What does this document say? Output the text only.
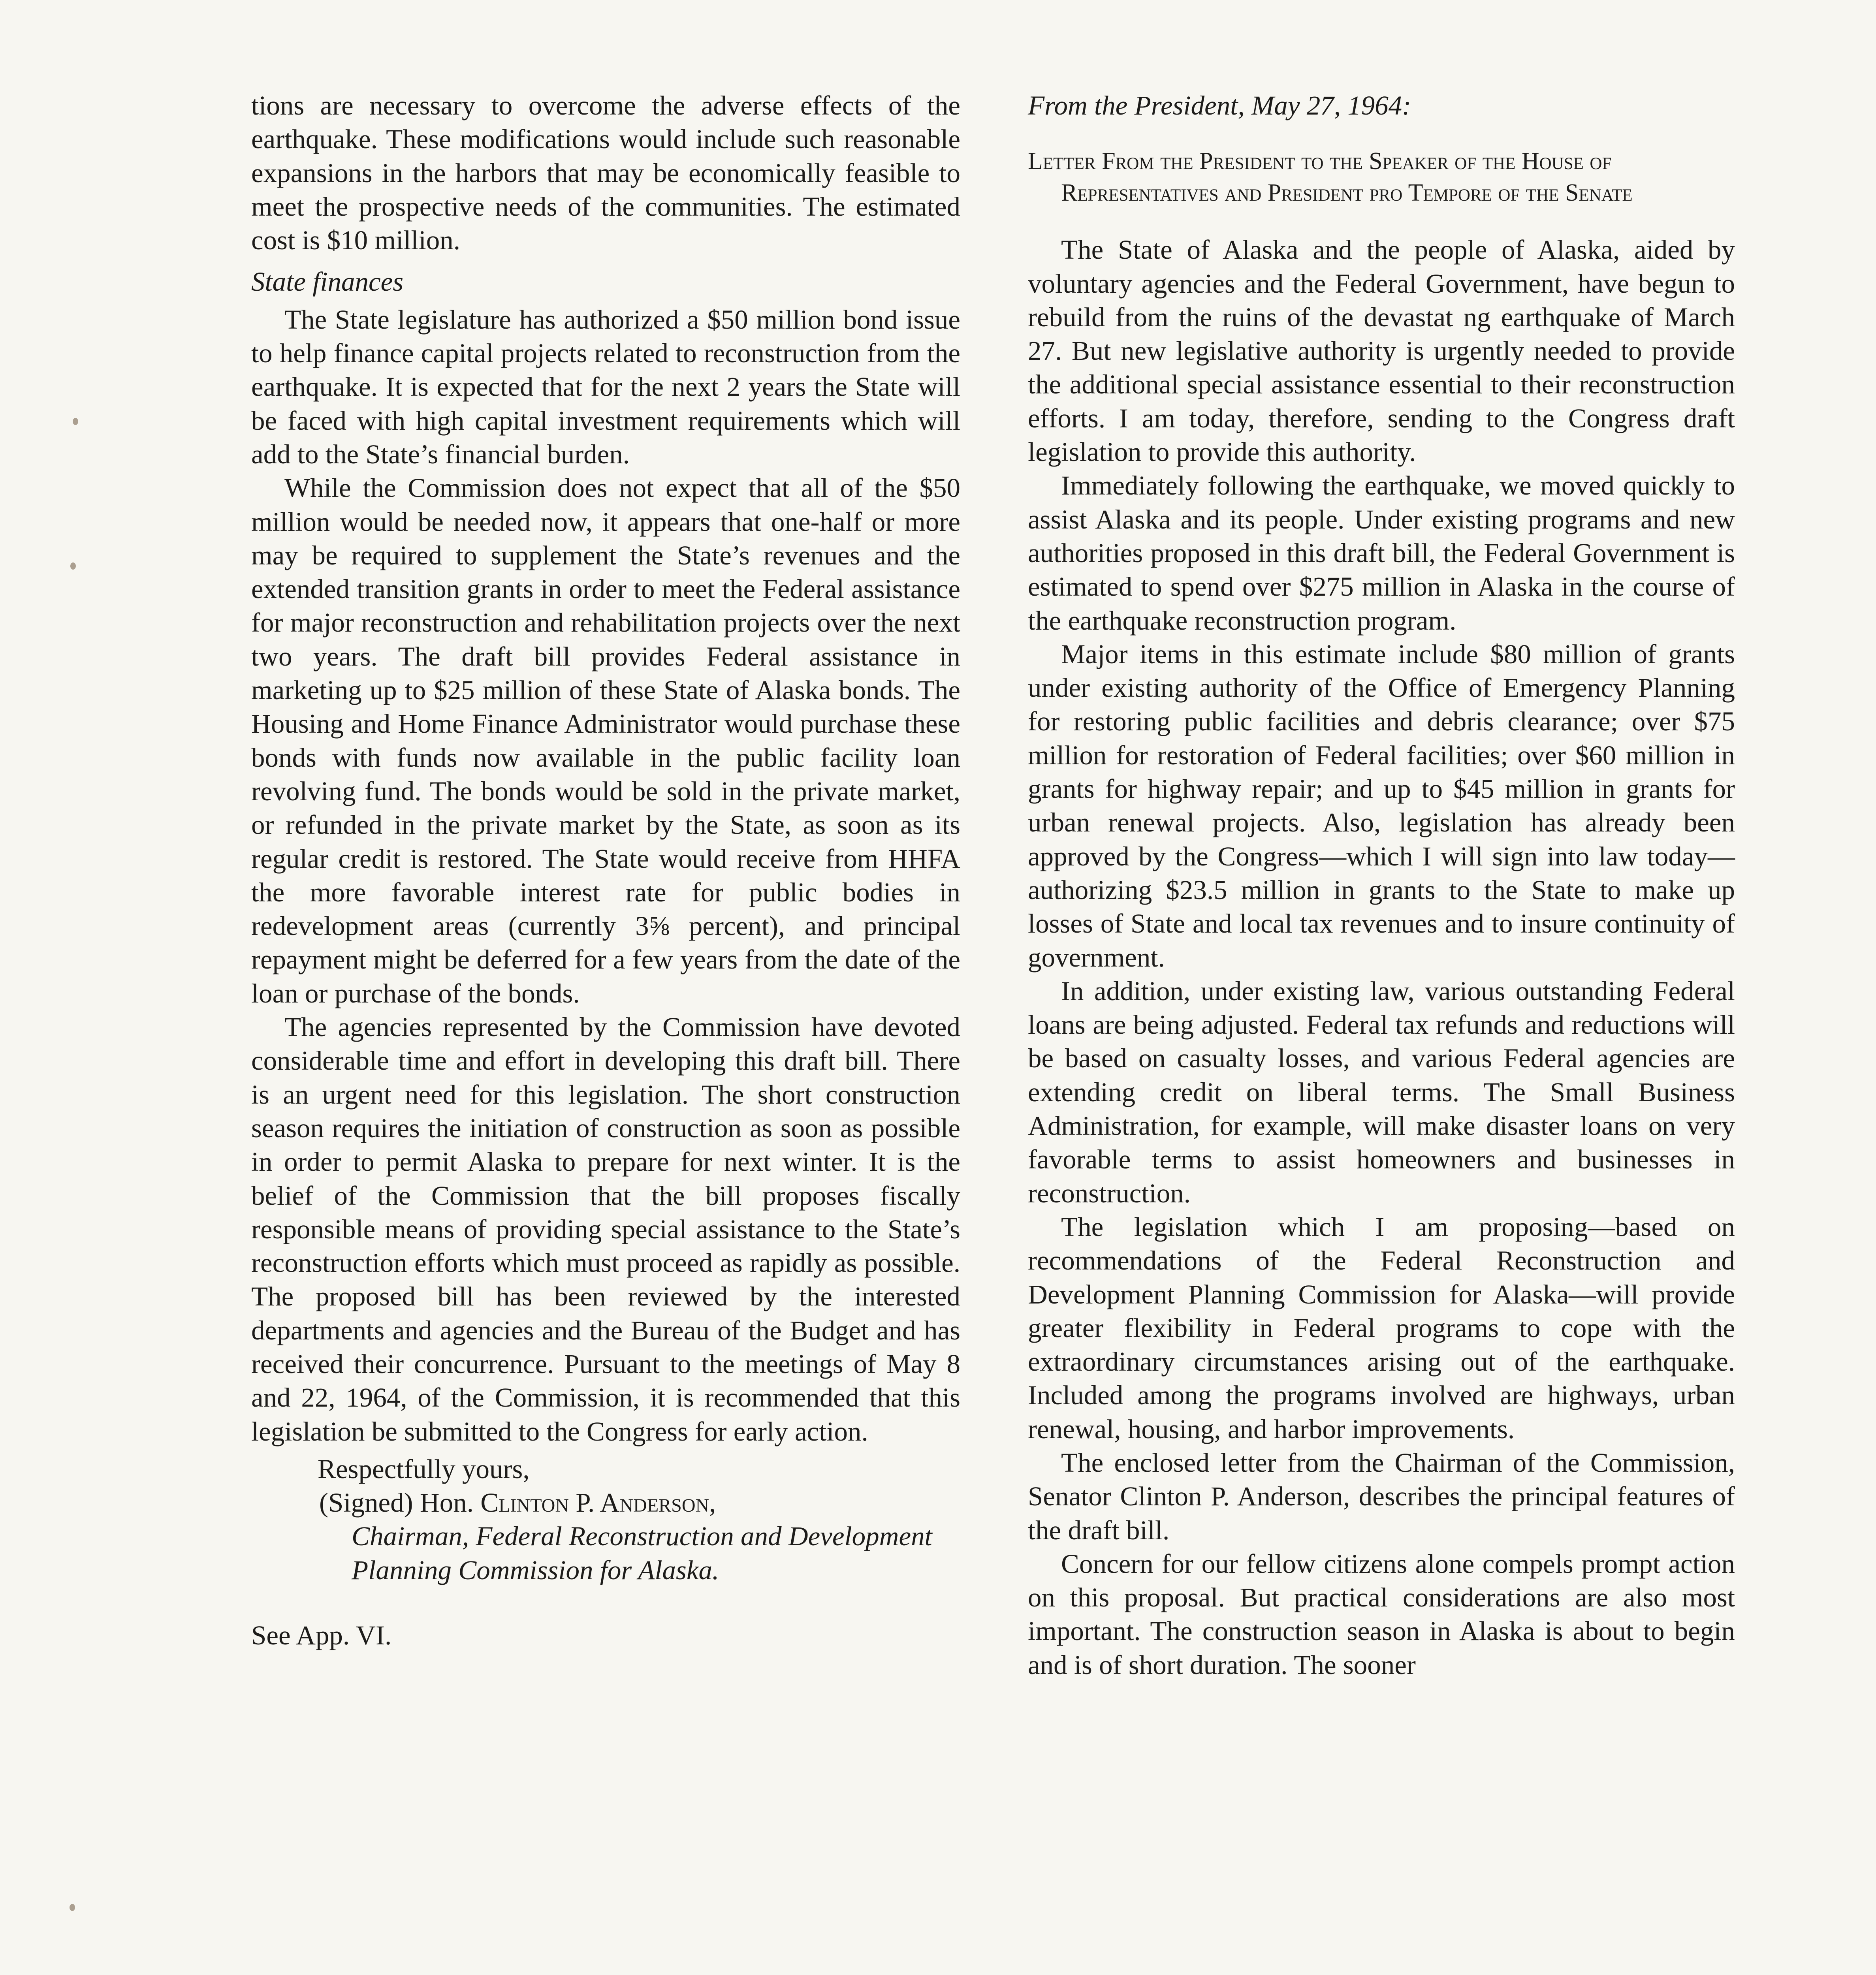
tions are necessary to overcome the adverse effects of the earthquake. These modifications would include such reasonable expansions in the harbors that may be economically feasible to meet the prospective needs of the communities. The estimated cost is $10 million.

State finances

The State legislature has authorized a $50 million bond issue to help finance capital projects related to reconstruction from the earthquake. It is expected that for the next 2 years the State will be faced with high capital investment requirements which will add to the State’s financial burden.

While the Commission does not expect that all of the $50 million would be needed now, it appears that one-half or more may be required to supplement the State’s revenues and the extended transition grants in order to meet the Federal assistance for major reconstruction and rehabilitation projects over the next two years. The draft bill provides Federal assistance in marketing up to $25 million of these State of Alaska bonds. The Housing and Home Finance Administrator would purchase these bonds with funds now available in the public facility loan revolving fund. The bonds would be sold in the private market, or refunded in the private market by the State, as soon as its regular credit is restored. The State would receive from HHFA the more favorable interest rate for public bodies in redevelopment areas (currently 3⅝ percent), and principal repayment might be deferred for a few years from the date of the loan or purchase of the bonds.

The agencies represented by the Commission have devoted considerable time and effort in developing this draft bill. There is an urgent need for this legislation. The short construction season requires the initiation of construction as soon as possible in order to permit Alaska to prepare for next winter. It is the belief of the Commission that the bill proposes fiscally responsible means of providing special assistance to the State’s reconstruction efforts which must proceed as rapidly as possible. The proposed bill has been reviewed by the interested departments and agencies and the Bureau of the Budget and has received their concurrence. Pursuant to the meetings of May 8 and 22, 1964, of the Commission, it is recommended that this legislation be submitted to the Congress for early action.

Respectfully yours,

(Signed) Hon. Clinton P. Anderson,

Chairman, Federal Reconstruction and Development Planning Commission for Alaska.

See App. VI.

From the President, May 27, 1964:

Letter From the President to the Speaker of the House of Representatives and President pro Tempore of the Senate

The State of Alaska and the people of Alaska, aided by voluntary agencies and the Federal Government, have begun to rebuild from the ruins of the devastat ng earthquake of March 27. But new legislative authority is urgently needed to provide the additional special assistance essential to their reconstruction efforts. I am today, therefore, sending to the Congress draft legislation to provide this authority.

Immediately following the earthquake, we moved quickly to assist Alaska and its people. Under existing programs and new authorities proposed in this draft bill, the Federal Government is estimated to spend over $275 million in Alaska in the course of the earthquake reconstruction program.

Major items in this estimate include $80 million of grants under existing authority of the Office of Emergency Planning for restoring public facilities and debris clearance; over $75 million for restoration of Federal facilities; over $60 million in grants for highway repair; and up to $45 million in grants for urban renewal projects. Also, legislation has already been approved by the Congress—which I will sign into law today—authorizing $23.5 million in grants to the State to make up losses of State and local tax revenues and to insure continuity of government.

In addition, under existing law, various outstanding Federal loans are being adjusted. Federal tax refunds and reductions will be based on casualty losses, and various Federal agencies are extending credit on liberal terms. The Small Business Administration, for example, will make disaster loans on very favorable terms to assist homeowners and businesses in reconstruction.

The legislation which I am proposing—based on recommendations of the Federal Reconstruction and Development Planning Commission for Alaska—will provide greater flexibility in Federal programs to cope with the extraordinary circumstances arising out of the earthquake. Included among the programs involved are highways, urban renewal, housing, and harbor improvements.

The enclosed letter from the Chairman of the Commission, Senator Clinton P. Anderson, describes the principal features of the draft bill.

Concern for our fellow citizens alone compels prompt action on this proposal. But practical considerations are also most important. The construction season in Alaska is about to begin and is of short duration. The sooner
